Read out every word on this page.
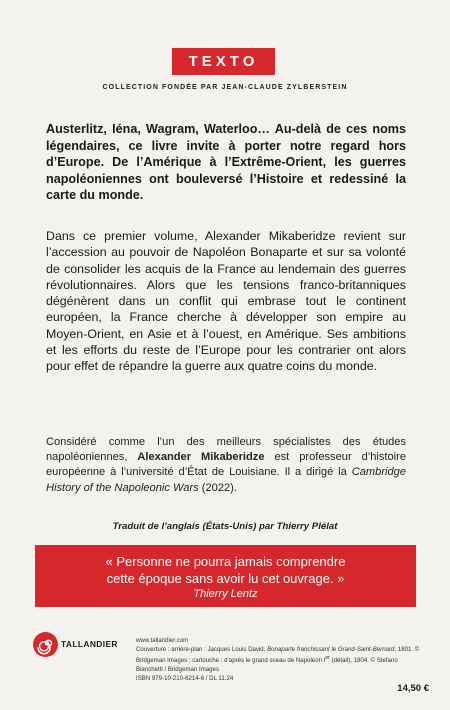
TEXTO
COLLECTION FONDÉE PAR JEAN-CLAUDE ZYLBERSTEIN

Austerlitz, Iéna, Wagram, Waterloo… Au-delà de ces noms légendaires, ce livre invite à porter notre regard hors d’Europe. De l’Amérique à l’Extrême-Orient, les guerres napoléoniennes ont bouleversé l’Histoire et redessiné la carte du monde.

Dans ce premier volume, Alexander Mikaberidze revient sur l’accession au pouvoir de Napoléon Bonaparte et sur sa volonté de consolider les acquis de la France au lendemain des guerres révolutionnaires. Alors que les tensions franco-britanniques dégénèrent dans un conflit qui embrase tout le continent européen, la France cherche à développer son empire au Moyen-Orient, en Asie et à l’ouest, en Amérique. Ses ambitions et les efforts du reste de l’Europe pour les contrarier ont alors pour effet de répandre la guerre aux quatre coins du monde.

Considéré comme l’un des meilleurs spécialistes des études napoléoniennes, Alexander Mikaberidze est professeur d’histoire européenne à l’université d’État de Louisiane. Il a dirigé la Cambridge History of the Napoleonic Wars (2022).

Traduit de l’anglais (États-Unis) par Thierry Plélat
« Personne ne pourra jamais comprendre
cette époque sans avoir lu cet ouvrage. »
Thierry Lentz
TALLANDIER	www.tallandier.com
Couverture : arrière-plan : Jacques Louis David, Bonaparte franchissant le Grand-Saint-Bernard, 1801. © Bridgeman Images ; cartouche : d’après le grand sceau de Napoléon Ier (détail), 1804. © Stefano Bianchetti / Bridgeman Images
ISBN 979-10-210-6214-6 / DL 11.24
14,50 €
